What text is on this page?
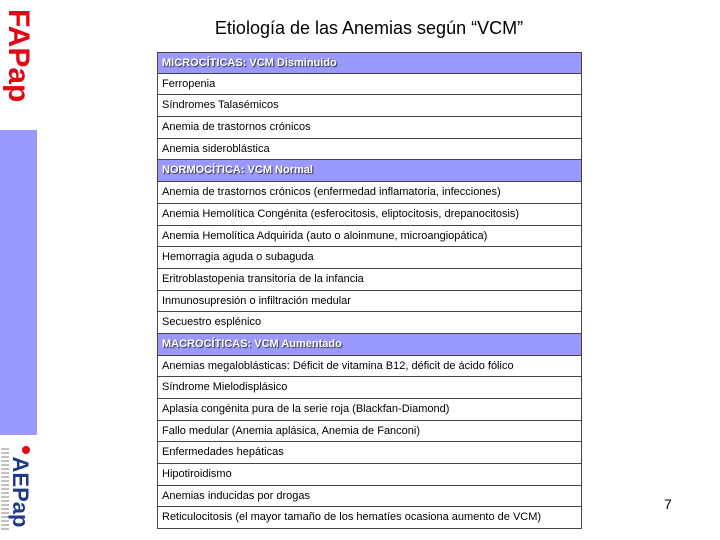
FAPap
AEPap
Etiología de las Anemias según “VCM”
MICROCÍTICAS: VCM Disminuido
Ferropenia
Síndromes Talasémicos
Anemia de trastornos crónicos
Anemia sideroblástica
NORMOCÍTICA: VCM Normal
Anemia de trastornos crónicos (enfermedad inflamatoria, infecciones)
Anemia Hemolítica Congénita (esferocitosis, eliptocitosis, drepanocitosis)
Anemia Hemolítica Adquirida (auto o aloinmune, microangiopática)
Hemorragia aguda o subaguda
Eritroblastopenia transitoria de la infancia
Inmunosupresión o infiltración medular
Secuestro esplénico
MACROCÍTICAS: VCM Aumentado
Anemias megaloblásticas: Déficit de vitamina B12, déficit de ácido fólico
Síndrome Mielodisplásico
Aplasia congénita pura de la serie roja (Blackfan-Diamond)
Fallo medular (Anemia aplásica, Anemia de Fanconi)
Enfermedades hepáticas
Hipotiroidismo
Anemias inducidas por drogas
Reticulocitosis (el mayor tamaño de los hematíes ocasiona aumento de VCM)
7
